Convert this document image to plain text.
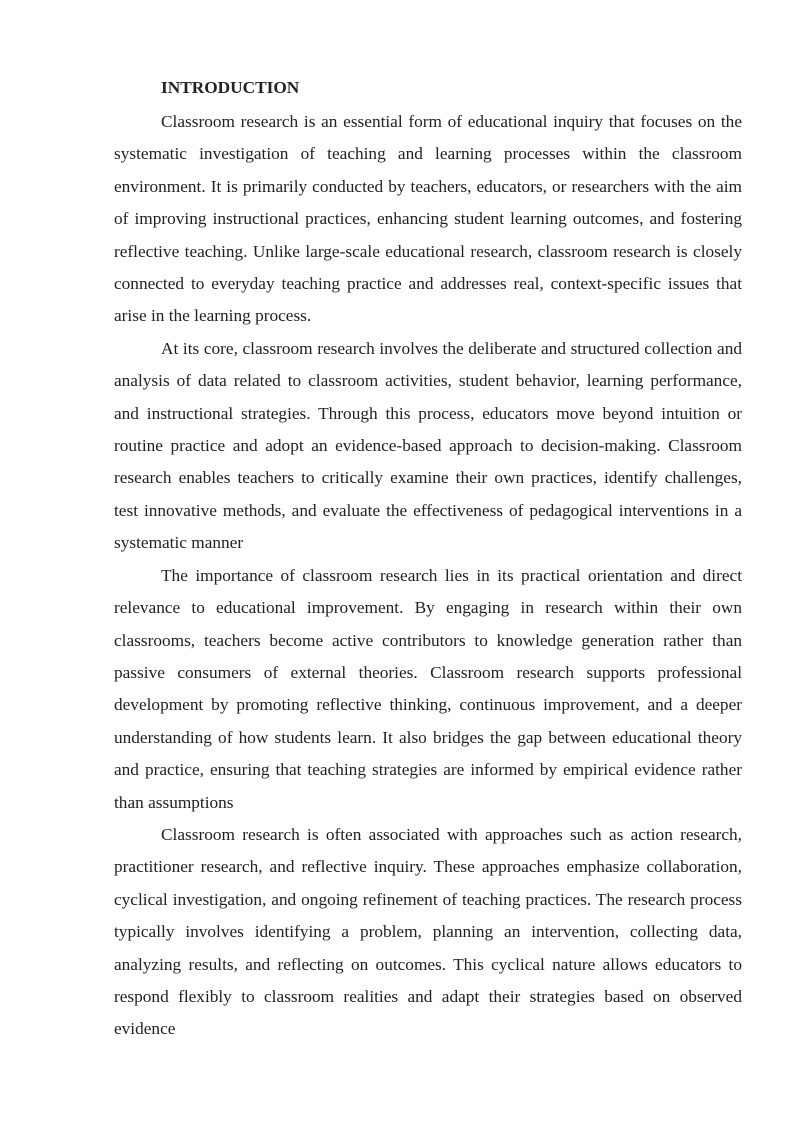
INTRODUCTION

Classroom research is an essential form of educational inquiry that focuses on the systematic investigation of teaching and learning processes within the classroom environment. It is primarily conducted by teachers, educators, or researchers with the aim of improving instructional practices, enhancing student learning outcomes, and fostering reflective teaching. Unlike large-scale educational research, classroom research is closely connected to everyday teaching practice and addresses real, context-specific issues that arise in the learning process.

At its core, classroom research involves the deliberate and structured collection and analysis of data related to classroom activities, student behavior, learning performance, and instructional strategies. Through this process, educators move beyond intuition or routine practice and adopt an evidence-based approach to decision-making. Classroom research enables teachers to critically examine their own practices, identify challenges, test innovative methods, and evaluate the effectiveness of pedagogical interventions in a systematic manner

The importance of classroom research lies in its practical orientation and direct relevance to educational improvement. By engaging in research within their own classrooms, teachers become active contributors to knowledge generation rather than passive consumers of external theories. Classroom research supports professional development by promoting reflective thinking, continuous improvement, and a deeper understanding of how students learn. It also bridges the gap between educational theory and practice, ensuring that teaching strategies are informed by empirical evidence rather than assumptions

Classroom research is often associated with approaches such as action research, practitioner research, and reflective inquiry. These approaches emphasize collaboration, cyclical investigation, and ongoing refinement of teaching practices. The research process typically involves identifying a problem, planning an intervention, collecting data, analyzing results, and reflecting on outcomes. This cyclical nature allows educators to respond flexibly to classroom realities and adapt their strategies based on observed evidence
